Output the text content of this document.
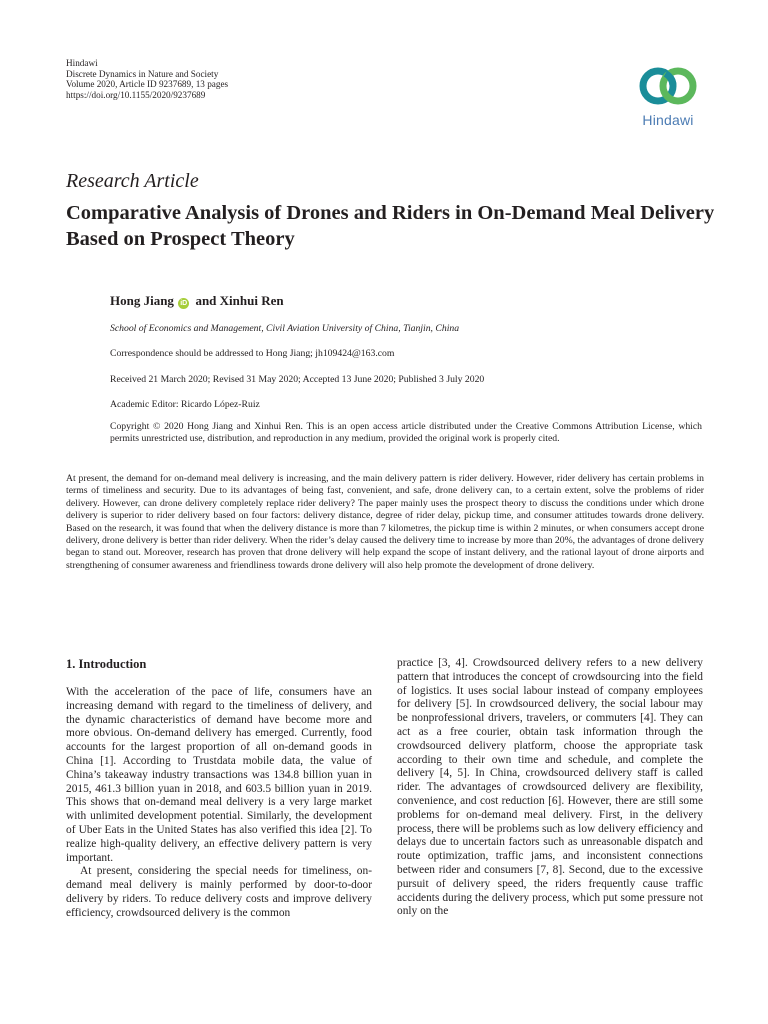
Hindawi
Discrete Dynamics in Nature and Society
Volume 2020, Article ID 9237689, 13 pages
https://doi.org/10.1155/2020/9237689
Hindawi
Research Article
Comparative Analysis of Drones and Riders in On-Demand Meal Delivery Based on Prospect Theory
Hong Jiang iD and Xinhui Ren
School of Economics and Management, Civil Aviation University of China, Tianjin, China
Correspondence should be addressed to Hong Jiang; jh109424@163.com
Received 21 March 2020; Revised 31 May 2020; Accepted 13 June 2020; Published 3 July 2020
Academic Editor: Ricardo López-Ruiz
Copyright © 2020 Hong Jiang and Xinhui Ren. This is an open access article distributed under the Creative Commons Attribution License, which permits unrestricted use, distribution, and reproduction in any medium, provided the original work is properly cited.
At present, the demand for on-demand meal delivery is increasing, and the main delivery pattern is rider delivery. However, rider delivery has certain problems in terms of timeliness and security. Due to its advantages of being fast, convenient, and safe, drone delivery can, to a certain extent, solve the problems of rider delivery. However, can drone delivery completely replace rider delivery? The paper mainly uses the prospect theory to discuss the conditions under which drone delivery is superior to rider delivery based on four factors: delivery distance, degree of rider delay, pickup time, and consumer attitudes towards drone delivery. Based on the research, it was found that when the delivery distance is more than 7 kilometres, the pickup time is within 2 minutes, or when consumers accept drone delivery, drone delivery is better than rider delivery. When the rider’s delay caused the delivery time to increase by more than 20%, the advantages of drone delivery began to stand out. Moreover, research has proven that drone delivery will help expand the scope of instant delivery, and the rational layout of drone airports and strengthening of consumer awareness and friendliness towards drone delivery will also help promote the development of drone delivery.
1. Introduction

With the acceleration of the pace of life, consumers have an increasing demand with regard to the timeliness of delivery, and the dynamic characteristics of demand have become more and more obvious. On-demand delivery has emerged. Currently, food accounts for the largest proportion of all on-demand goods in China [1]. According to Trustdata mobile data, the value of China’s takeaway industry transactions was 134.8 billion yuan in 2015, 461.3 billion yuan in 2018, and 603.5 billion yuan in 2019. This shows that on-demand meal delivery is a very large market with unlimited development potential. Similarly, the development of Uber Eats in the United States has also verified this idea [2]. To realize high-quality delivery, an effective delivery pattern is very important.

At present, considering the special needs for timeliness, on-demand meal delivery is mainly performed by door-to-door delivery by riders. To reduce delivery costs and improve delivery efficiency, crowdsourced delivery is the common

practice [3, 4]. Crowdsourced delivery refers to a new delivery pattern that introduces the concept of crowdsourcing into the field of logistics. It uses social labour instead of company employees for delivery [5]. In crowdsourced delivery, the social labour may be nonprofessional drivers, travelers, or commuters [4]. They can act as a free courier, obtain task information through the crowdsourced delivery platform, choose the appropriate task according to their own time and schedule, and complete the delivery [4, 5]. In China, crowdsourced delivery staff is called rider. The advantages of crowdsourced delivery are flexibility, convenience, and cost reduction [6]. However, there are still some problems for on-demand meal delivery. First, in the delivery process, there will be problems such as low delivery efficiency and delays due to uncertain factors such as unreasonable dispatch and route optimization, traffic jams, and inconsistent connections between rider and consumers [7, 8]. Second, due to the excessive pursuit of delivery speed, the riders frequently cause traffic accidents during the delivery process, which put some pressure not only on the
